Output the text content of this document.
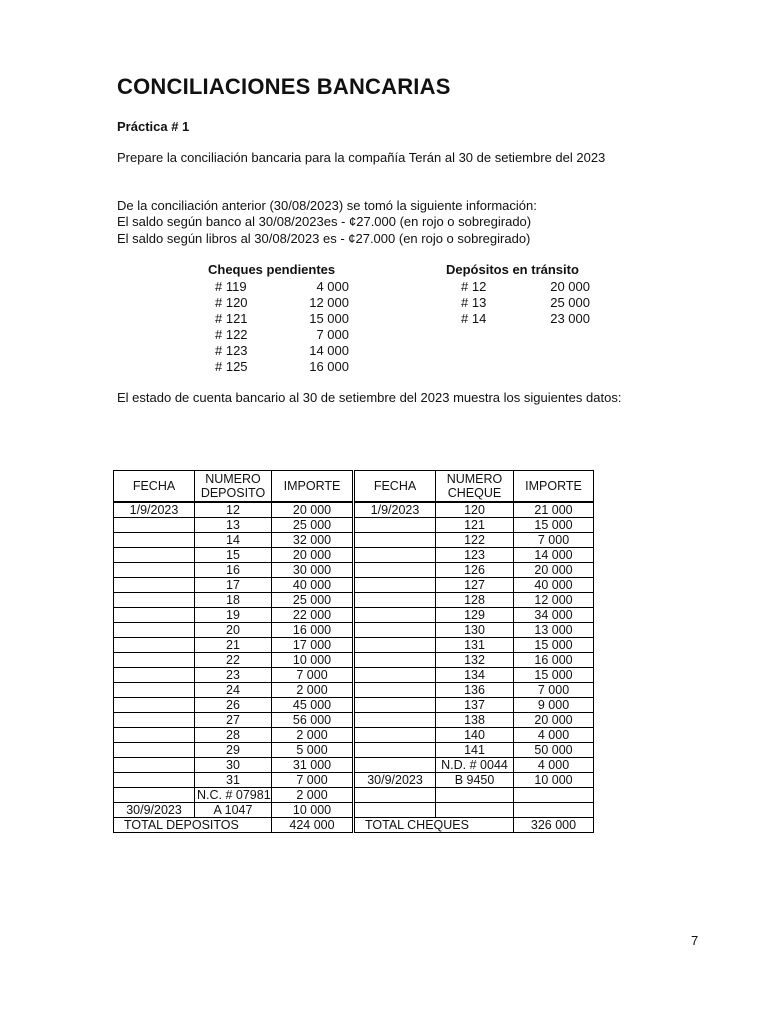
CONCILIACIONES BANCARIAS
Práctica # 1
Prepare la conciliación bancaria para la compañía Terán al 30 de setiembre del 2023
De la conciliación anterior (30/08/2023) se tomó la siguiente información:
El saldo según banco al 30/08/2023es - ¢27.000 (en rojo o sobregirado)
El saldo según libros al 30/08/2023 es - ¢27.000 (en rojo o sobregirado)
Cheques pendientes
# 119	4 000
# 120	12 000
# 121	15 000
# 122	7 000
# 123	14 000
# 125	16 000
Depósitos en tránsito
# 12	20 000
# 13	25 000
# 14	23 000
El estado de cuenta bancario al 30 de setiembre del 2023 muestra los siguientes datos:
FECHA	NUMERO DEPOSITO	IMPORTE	FECHA	NUMERO CHEQUE	IMPORTE
1/9/2023	12	20 000	1/9/2023	120	21 000
	13	25 000		121	15 000
	14	32 000		122	7 000
	15	20 000		123	14 000
	16	30 000		126	20 000
	17	40 000		127	40 000
	18	25 000		128	12 000
	19	22 000		129	34 000
	20	16 000		130	13 000
	21	17 000		131	15 000
	22	10 000		132	16 000
	23	7 000		134	15 000
	24	2 000		136	7 000
	26	45 000		137	9 000
	27	56 000		138	20 000
	28	2 000		140	4 000
	29	5 000		141	50 000
	30	31 000		N.D. # 0044	4 000
	31	7 000	30/9/2023	B 9450	10 000
	N.C. # 07981	2 000			
30/9/2023	A 1047	10 000			
TOTAL DEPOSITOS		424 000	TOTAL CHEQUES		326 000
7
